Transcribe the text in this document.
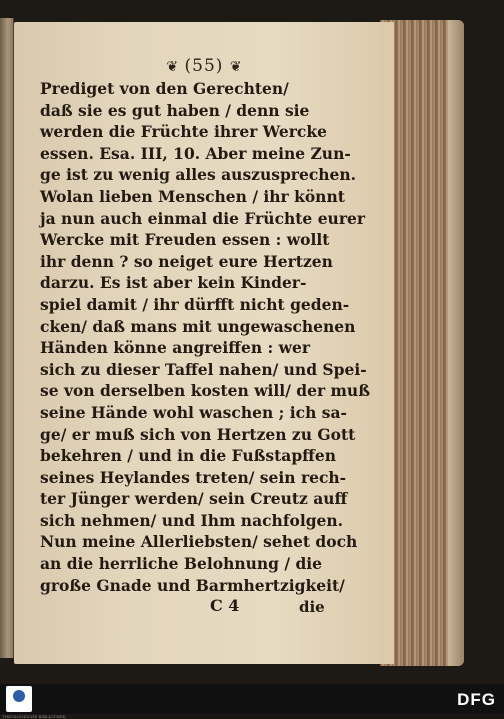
❦ (55) ❦
Prediget von den Gerechten/
daß sie es gut haben / denn sie
werden die Früchte ihrer Wercke
essen. Esa. III, 10. Aber meine Zun-
ge ist zu wenig alles auszusprechen.
Wolan lieben Menschen / ihr könnt
ja nun auch einmal die Früchte eurer
Wercke mit Freuden essen : wollt
ihr denn ? so neiget eure Hertzen
darzu. Es ist aber kein Kinder-
spiel damit / ihr dürfft nicht geden-
cken/ daß mans mit ungewaschenen
Händen könne angreiffen : wer
sich zu dieser Taffel nahen/ und Spei-
se von derselben kosten will/ der muß
seine Hände wohl waschen ; ich sa-
ge/ er muß sich von Hertzen zu Gott
bekehren / und in die Fußstapffen
seines Heylandes treten/ sein rech-
ter Jünger werden/ sein Creutz auff
sich nehmen/ und Ihm nachfolgen.
Nun meine Allerliebsten/ sehet doch
an die herrliche Belohnung / die
große Gnade und Barmhertzigkeit/
C 4	die
THEOLOGISCHE BIBLIOTHEK
DFG
